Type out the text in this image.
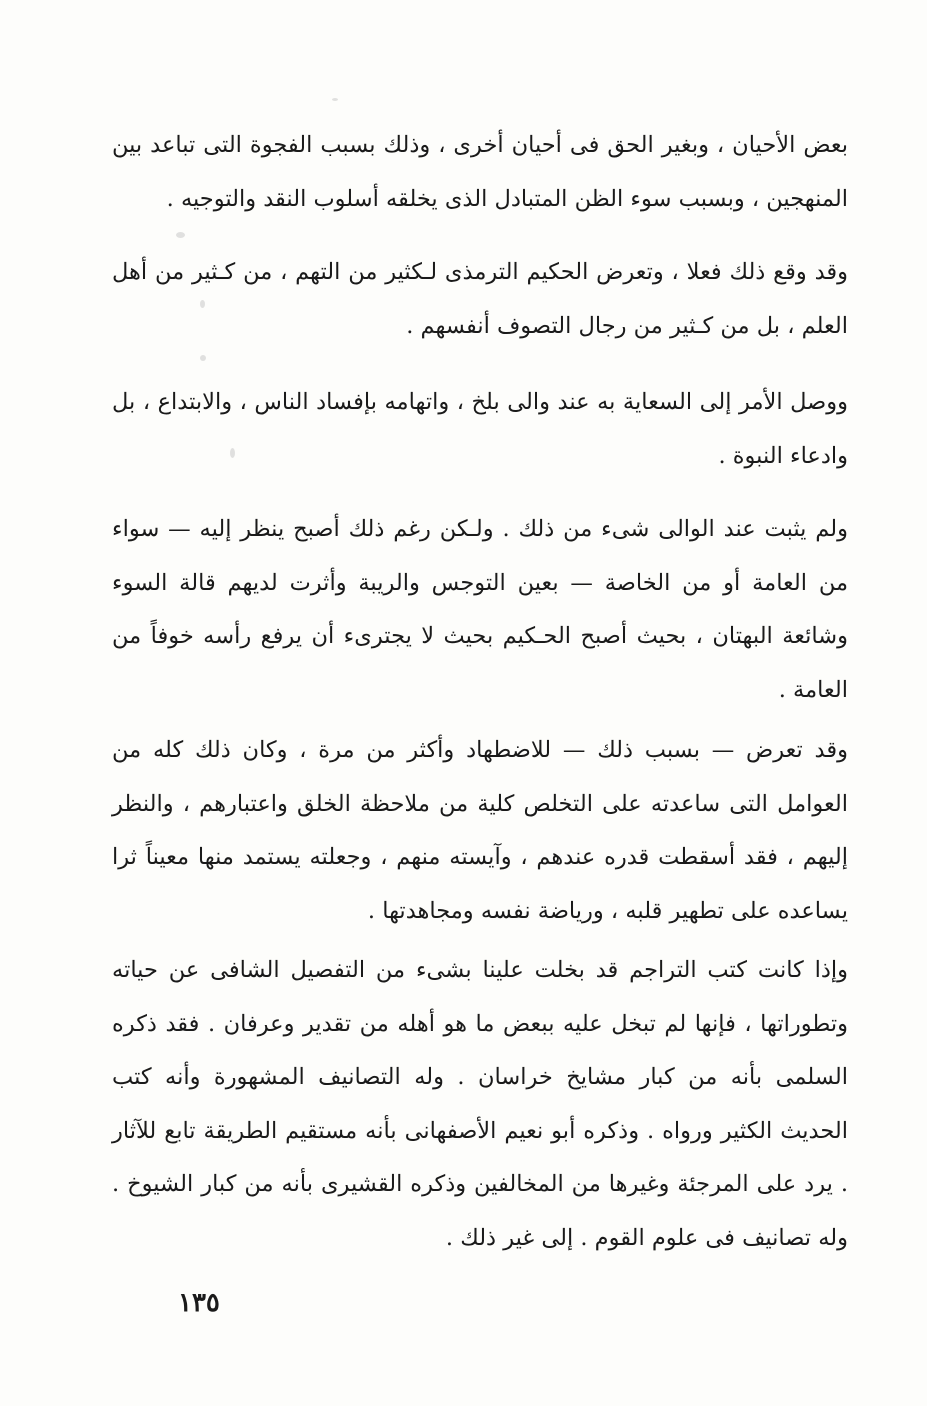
بعض الأحيان ، وبغير الحق فى أحيان أخرى ، وذلك بسبب الفجوة التى تباعد بين المنهجين ، وبسبب سوء الظن المتبادل الذى يخلقه أسلوب النقد والتوجيه .

وقد وقع ذلك فعلا ، وتعرض الحكيم الترمذى لـكثير من التهم ، من كـثير من أهل العلم ، بل من كـثير من رجال التصوف أنفسهم .

ووصل الأمر إلى السعاية به عند والى بلخ ، واتهامه بإفساد الناس ، والابتداع ، بل وادعاء النبوة .

ولم يثبت عند الوالى شىء من ذلك . ولـكن رغم ذلك أصبح ينظر إليه — سواء من العامة أو من الخاصة — بعين التوجس والريبة وأثرت لديهم قالة السوء وشائعة البهتان ، بحيث أصبح الحـكيم بحيث لا يجترىء أن يرفع رأسه خوفاً من العامة .

وقد تعرض — بسبب ذلك — للاضطهاد وأكثر من مرة ، وكان ذلك كله من العوامل التى ساعدته على التخلص كلية من ملاحظة الخلق واعتبارهم ، والنظر إليهم ، فقد أسقطت قدره عندهم ، وآيسته منهم ، وجعلته يستمد منها معيناً ثرا يساعده على تطهير قلبه ، ورياضة نفسه ومجاهدتها .

وإذا كانت كتب التراجم قد بخلت علينا بشىء من التفصيل الشافى عن حياته وتطوراتها ، فإنها لم تبخل عليه ببعض ما هو أهله من تقدير وعرفان . فقد ذكره السلمى بأنه من كبار مشايخ خراسان . وله التصانيف المشهورة وأنه كتب الحديث الكثير ورواه . وذكره أبو نعيم الأصفهانى بأنه مستقيم الطريقة تابع للآثار . يرد على المرجئة وغيرها من المخالفين وذكره القشيرى بأنه من كبار الشيوخ . وله تصانيف فى علوم القوم . إلى غير ذلك .

١٣٥
